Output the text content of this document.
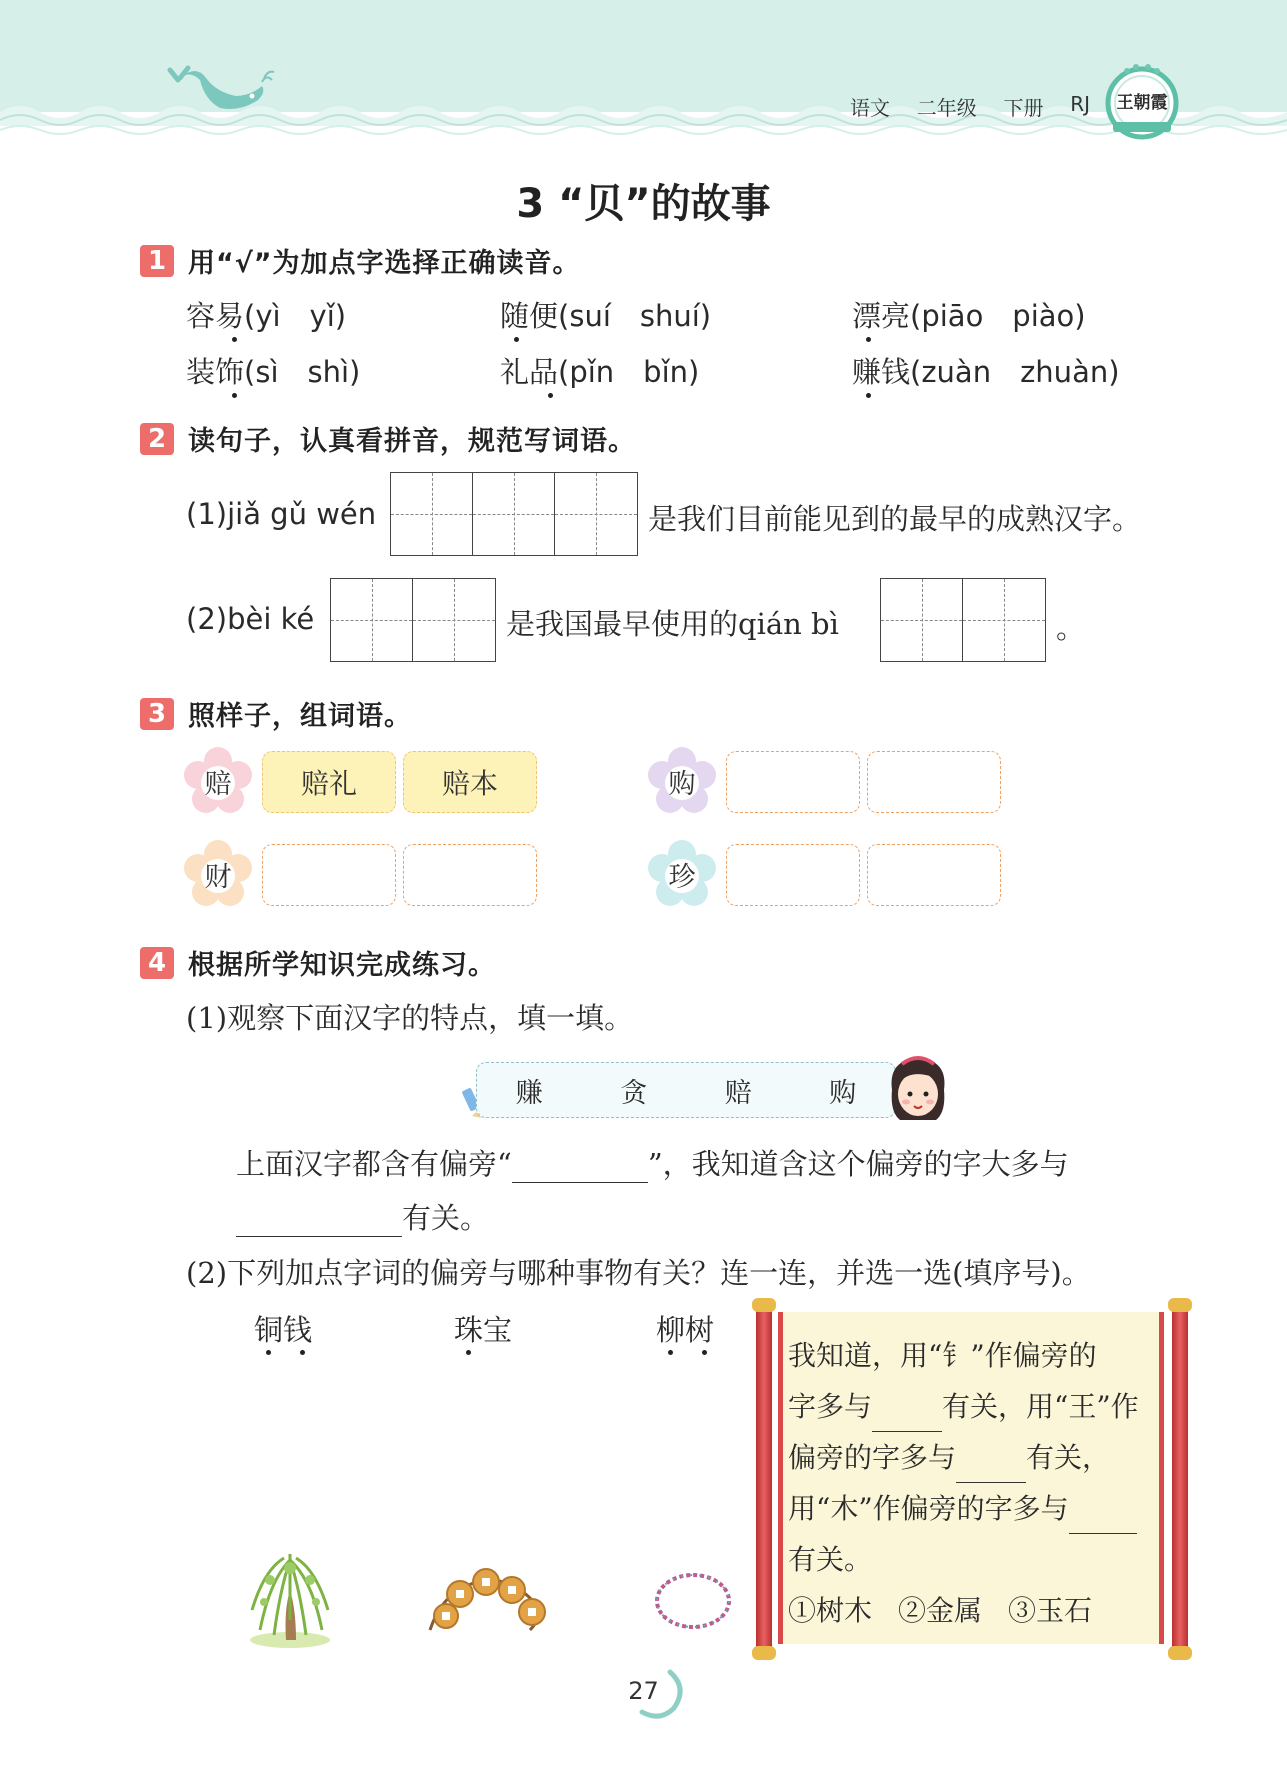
语文 二年级 下册 RJ	王朝霞
3 “贝”的故事
1 用“√”为加点字选择正确读音。
容易(yì　yǐ)	随便(suí　shuí)	漂亮(piāo　piào)
装饰(sì　shì)	礼品(pǐn　bǐn)	赚钱(zuàn　zhuàn)
2 读句子，认真看拼音，规范写词语。
(1)jiǎ gǔ wén	是我们目前能见到的最早的成熟汉字。
(2)bèi ké	是我国最早使用的qián bì	。
3 照样子，组词语。
赔	赔礼	赔本	购
财	珍
4 根据所学知识完成练习。
(1)观察下面汉字的特点，填一填。
赚	贪	赔	购
上面汉字都含有偏旁“	”，我知道含这个偏旁的字大多与
有关。
(2)下列加点字词的偏旁与哪种事物有关？连一连，并选一选(填序号)。
铜钱	珠宝	柳树
我知道，用“钅”作偏旁的
字多与	有关，用“王”作
偏旁的字多与	有关，
用“木”作偏旁的字多与
有关。
①树木 ②金属 ③玉石
27
